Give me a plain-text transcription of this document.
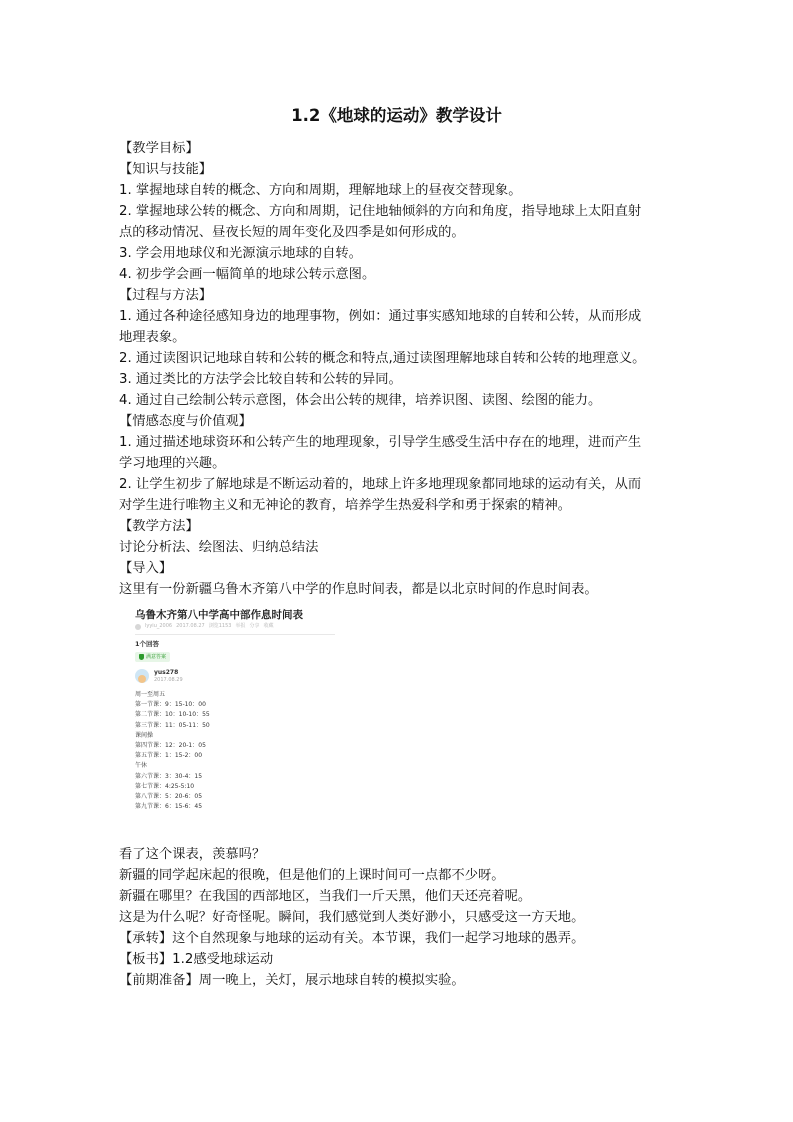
1.2《地球的运动》教学设计

【教学目标】

【知识与技能】

1. 掌握地球自转的概念、方向和周期，理解地球上的昼夜交替现象。

2. 掌握地球公转的概念、方向和周期，记住地轴倾斜的方向和角度，指导地球上太阳直射

点的移动情况、昼夜长短的周年变化及四季是如何形成的。

3. 学会用地球仪和光源演示地球的自转。

4. 初步学会画一幅简单的地球公转示意图。

【过程与方法】

1. 通过各种途径感知身边的地理事物，例如：通过事实感知地球的自转和公转，从而形成

地理表象。

2. 通过读图识记地球自转和公转的概念和特点,通过读图理解地球自转和公转的地理意义。

3. 通过类比的方法学会比较自转和公转的异同。

4. 通过自己绘制公转示意图，体会出公转的规律，培养识图、读图、绘图的能力。

【情感态度与价值观】

1. 通过描述地球资环和公转产生的地理现象，引导学生感受生活中存在的地理，进而产生

学习地理的兴趣。

2. 让学生初步了解地球是不断运动着的，地球上许多地理现象都同地球的运动有关，从而

对学生进行唯物主义和无神论的教育，培养学生热爱科学和勇于探索的精神。

【教学方法】

讨论分析法、绘图法、归纳总结法

【导入】

这里有一份新疆乌鲁木齐第八中学的作息时间表，都是以北京时间的作息时间表。

乌鲁木齐第八中学高中部作息时间表
lyyiu_2006 2017.08.27 浏览1153 举报 分享 收藏
1个回答
满意答案
yus278
2017.08.29
周一至周五
第一节课：9：15-10：00
第二节课：10：10-10：55
第三节课：11：05-11：50
课间操
第四节课：12：20-1：05
第五节课：1：15-2：00
午休
第六节课：3：30-4：15
第七节课：4:25-5:10
第八节课：5：20-6：05
第九节课：6：15-6：45

看了这个课表，羡慕吗？

新疆的同学起床起的很晚，但是他们的上课时间可一点都不少呀。

新疆在哪里？在我国的西部地区，当我们一斤天黑，他们天还亮着呢。

这是为什么呢？好奇怪呢。瞬间，我们感觉到人类好渺小，只感受这一方天地。

【承转】这个自然现象与地球的运动有关。本节课，我们一起学习地球的愚弄。

【板书】1.2感受地球运动

【前期准备】周一晚上，关灯，展示地球自转的模拟实验。
